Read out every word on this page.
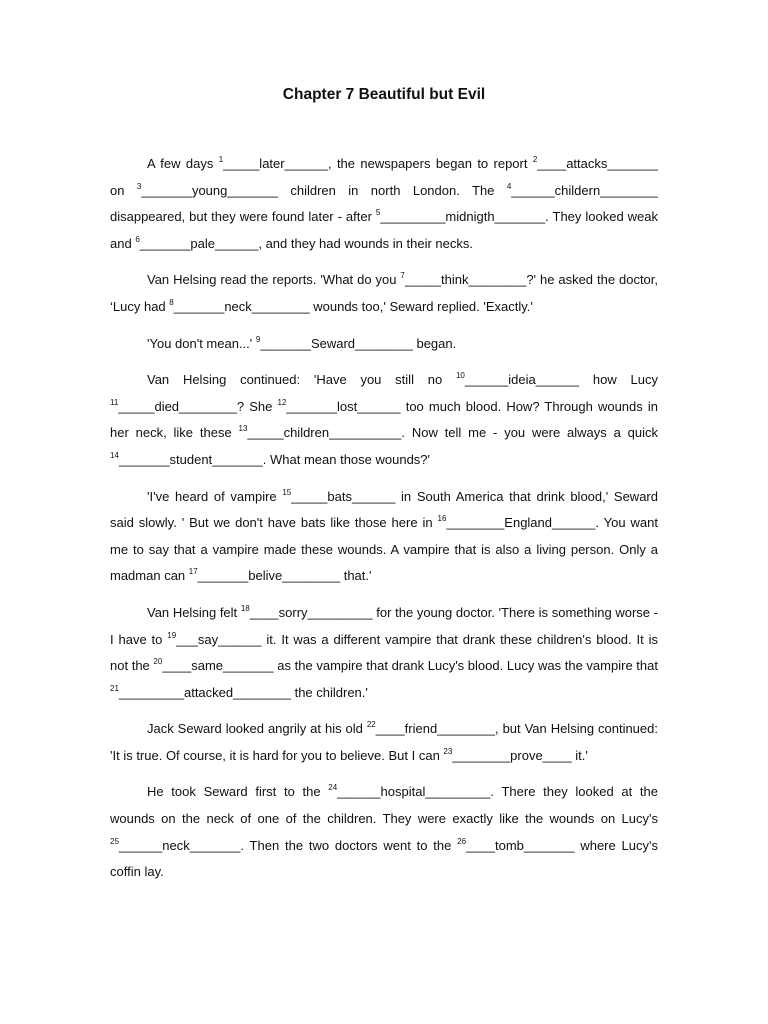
Chapter 7 Beautiful but Evil

A few days $^1$_____later______, the newspapers began to report $^2$____attacks_______ on $^3$_______young_______ children in north London. The $^4$______childern________ disappeared, but they were found later - after $^5$_________midnigth_______. They looked weak and $^6$_______pale______, and they had wounds in their necks.

Van Helsing read the reports. 'What do you $^7$_____think________?' he asked the doctor, ‘Lucy had $^8$_______neck________ wounds too,' Seward replied. 'Exactly.'

'You don't mean...' $^9$_______Seward________ began.

Van Helsing continued: 'Have you still no $^{10}$______ideia______ how Lucy $^{11}$_____died________? She $^{12}$_______lost______ too much blood. How? Through wounds in her neck, like these $^{13}$_____children__________. Now tell me - you were always a quick $^{14}$_______student_______. What mean those wounds?'

'I've heard of vampire $^{15}$_____bats______ in South America that drink blood,' Seward said slowly. ' But we don't have bats like those here in $^{16}$________England______. You want me to say that a vampire made these wounds. A vampire that is also a living person. Only a madman can $^{17}$_______belive________ that.'

Van Helsing felt $^{18}$____sorry_________ for the young doctor. 'There is something worse - I have to $^{19}$___say______ it. It was a different vampire that drank these children's blood. It is not the $^{20}$____same_______ as the vampire that drank Lucy's blood. Lucy was the vampire that $^{21}$_________attacked________ the children.'

Jack Seward looked angrily at his old $^{22}$____friend________, but Van Helsing continued: 'It is true. Of course, it is hard for you to believe. But I can $^{23}$________prove____ it.'

He took Seward first to the $^{24}$______hospital_________. There they looked at the wounds on the neck of one of the children. They were exactly like the wounds on Lucy's $^{25}$______neck_______. Then the two doctors went to the $^{26}$____tomb_______ where Lucy's coffin lay.
